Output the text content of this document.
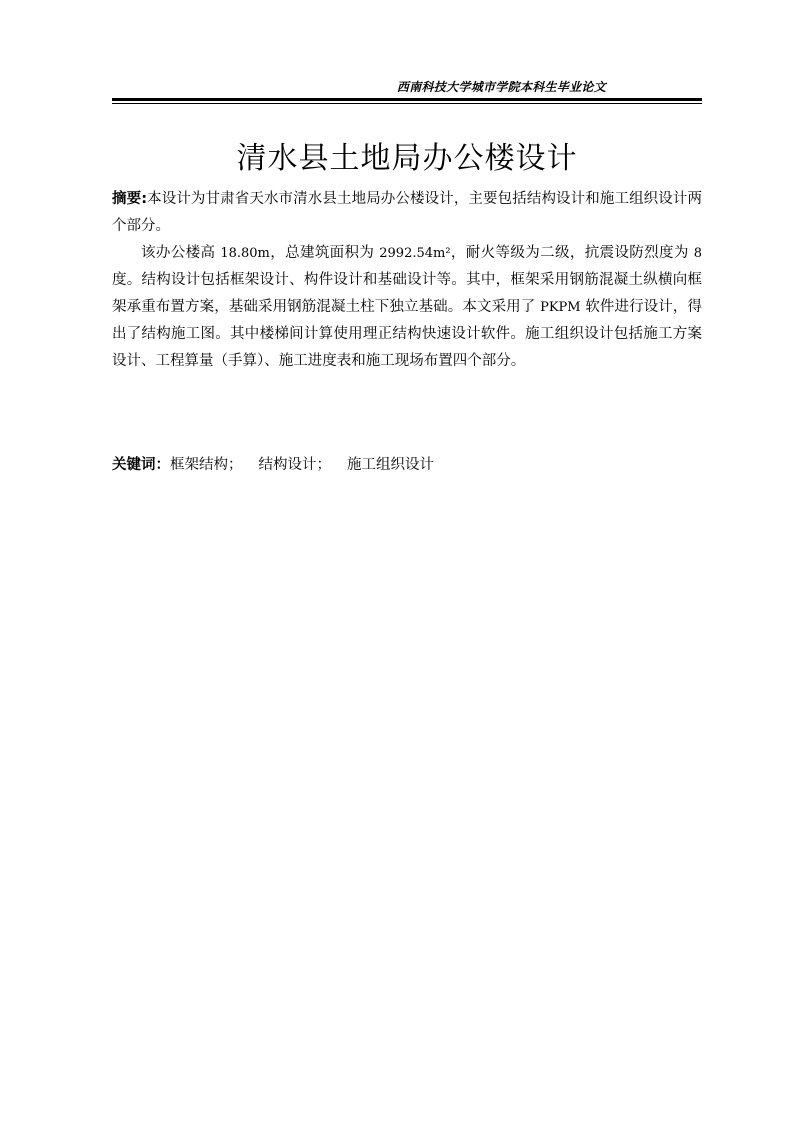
西南科技大学城市学院本科生毕业论文
清水县土地局办公楼设计

摘要:本设计为甘肃省天水市清水县土地局办公楼设计，主要包括结构设计和施工组织设计两个部分。

该办公楼高 18.80m，总建筑面积为 2992.54m²，耐火等级为二级，抗震设防烈度为 8 度。结构设计包括框架设计、构件设计和基础设计等。其中，框架采用钢筋混凝土纵横向框架承重布置方案，基础采用钢筋混凝土柱下独立基础。本文采用了 PKPM 软件进行设计，得出了结构施工图。其中楼梯间计算使用理正结构快速设计软件。施工组织设计包括施工方案设计、工程算量（手算）、施工进度表和施工现场布置四个部分。

关键词：框架结构； 结构设计； 施工组织设计
